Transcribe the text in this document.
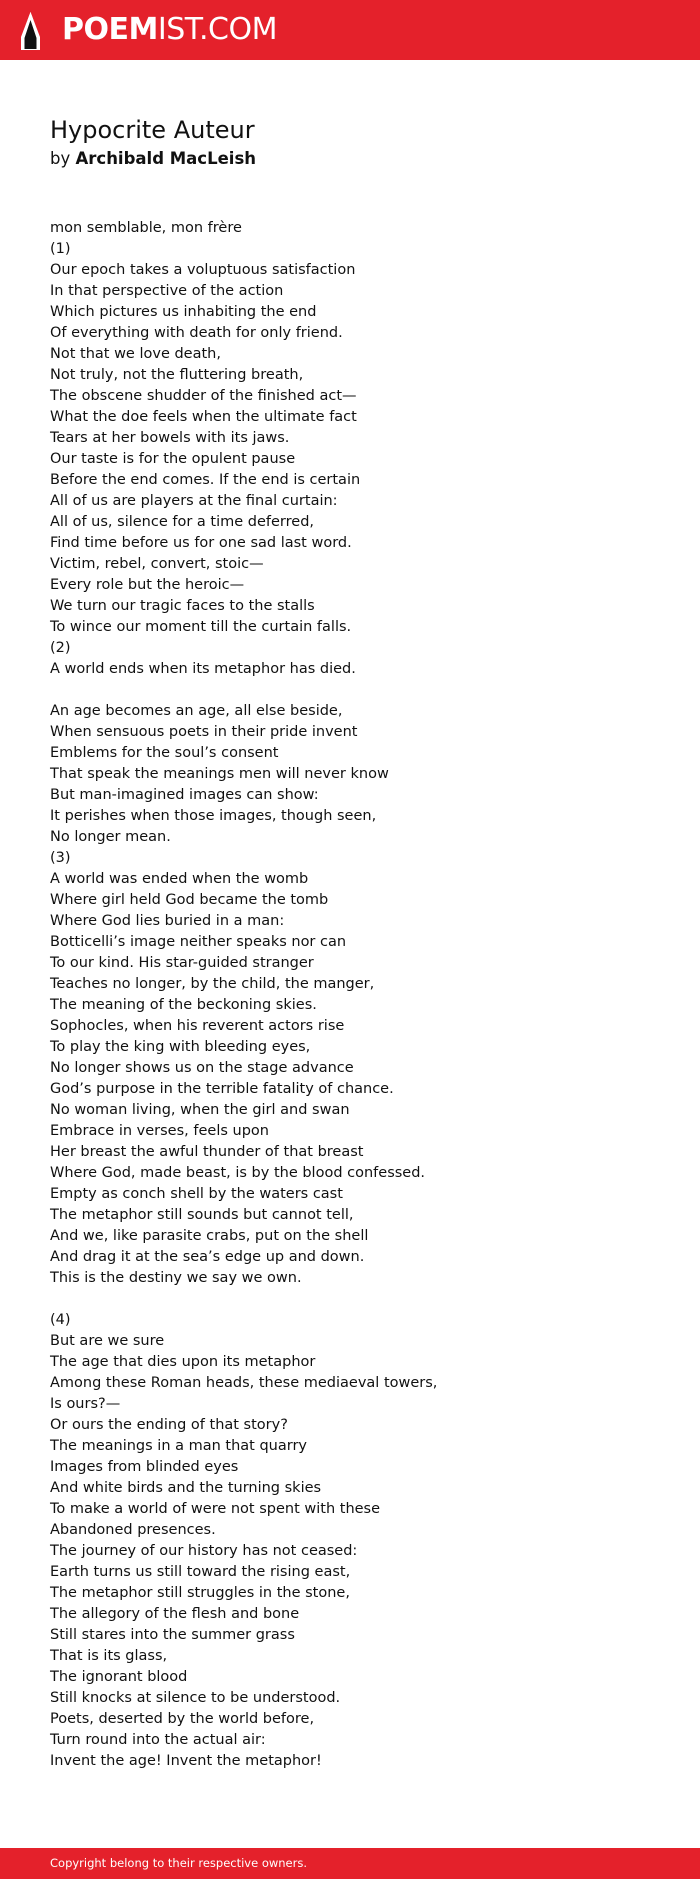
POEMIST.COM
Hypocrite Auteur
by Archibald MacLeish
mon semblable, mon frère
(1)
Our epoch takes a voluptuous satisfaction
In that perspective of the action
Which pictures us inhabiting the end
Of everything with death for only friend.
Not that we love death,
Not truly, not the fluttering breath,
The obscene shudder of the finished act—
What the doe feels when the ultimate fact
Tears at her bowels with its jaws.
Our taste is for the opulent pause
Before the end comes. If the end is certain
All of us are players at the final curtain:
All of us, silence for a time deferred,
Find time before us for one sad last word.
Victim, rebel, convert, stoic—
Every role but the heroic—
We turn our tragic faces to the stalls
To wince our moment till the curtain falls.
(2)
A world ends when its metaphor has died.
An age becomes an age, all else beside,
When sensuous poets in their pride invent
Emblems for the soul’s consent
That speak the meanings men will never know
But man-imagined images can show:
It perishes when those images, though seen,
No longer mean.
(3)
A world was ended when the womb
Where girl held God became the tomb
Where God lies buried in a man:
Botticelli’s image neither speaks nor can
To our kind. His star-guided stranger
Teaches no longer, by the child, the manger,
The meaning of the beckoning skies.
Sophocles, when his reverent actors rise
To play the king with bleeding eyes,
No longer shows us on the stage advance
God’s purpose in the terrible fatality of chance.
No woman living, when the girl and swan
Embrace in verses, feels upon
Her breast the awful thunder of that breast
Where God, made beast, is by the blood confessed.
Empty as conch shell by the waters cast
The metaphor still sounds but cannot tell,
And we, like parasite crabs, put on the shell
And drag it at the sea’s edge up and down.
This is the destiny we say we own.
(4)
But are we sure
The age that dies upon its metaphor
Among these Roman heads, these mediaeval towers,
Is ours?—
Or ours the ending of that story?
The meanings in a man that quarry
Images from blinded eyes
And white birds and the turning skies
To make a world of were not spent with these
Abandoned presences.
The journey of our history has not ceased:
Earth turns us still toward the rising east,
The metaphor still struggles in the stone,
The allegory of the flesh and bone
Still stares into the summer grass
That is its glass,
The ignorant blood
Still knocks at silence to be understood.
Poets, deserted by the world before,
Turn round into the actual air:
Invent the age! Invent the metaphor!
Copyright belong to their respective owners.
